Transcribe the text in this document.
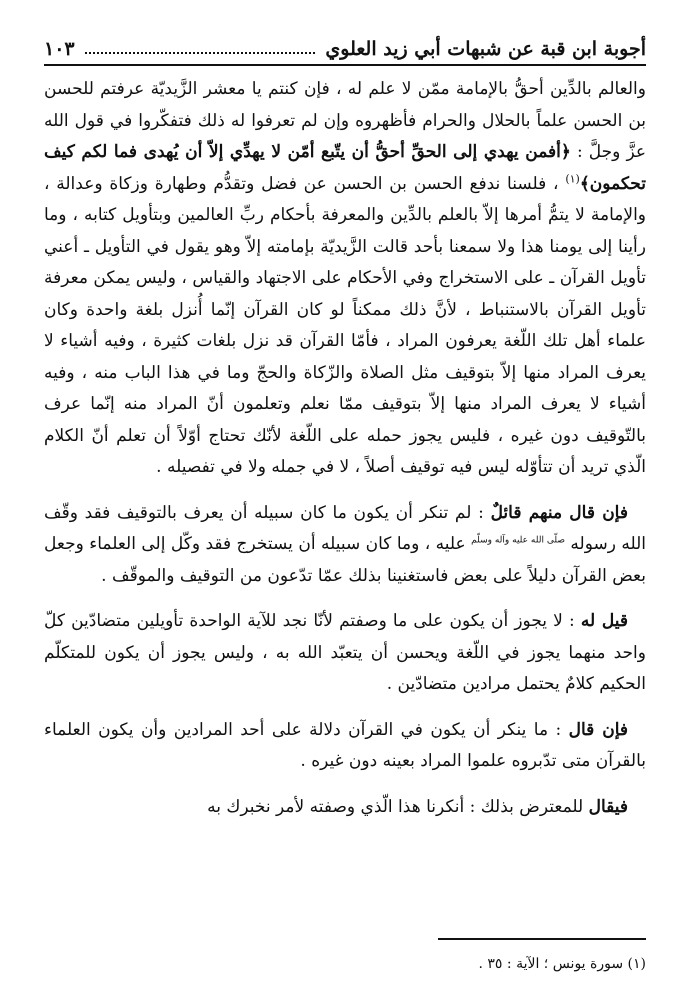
أجوبة ابن قبة عن شبهات أبي زيد العلوي
١٠٣

والعالم بالدِّين أحقُّ بالإمامة ممّن لا علم له ، فإن كنتم يا معشر الزَّيديّة عرفتم للحسن بن الحسن علماً بالحلال والحرام فأظهروه وإن لم تعرفوا له ذلك فتفكّروا في قول الله عزَّ وجلَّ : ﴿أفمن يهدي إلى الحقِّ أحقُّ أن يتّبع أمّن لا يهدِّي إلاّ أن يُهدى فما لكم كيف تحكمون﴾$^{(١)}$ ، فلسنا ندفع الحسن بن الحسن عن فضل وتقدُّم وطهارة وزكاة وعدالة ، والإمامة لا يتمُّ أمرها إلاّ بالعلم بالدِّين والمعرفة بأحكام ربِّ العالمين وبتأويل كتابه ، وما رأينا إلى يومنا هذا ولا سمعنا بأحد قالت الزَّيديّة بإمامته إلاّ وهو يقول في التأويل ـ أعني تأويل القرآن ـ على الاستخراج وفي الأحكام على الاجتهاد والقياس ، وليس يمكن معرفة تأويل القرآن بالاستنباط ، لأنَّ ذلك ممكناً لو كان القرآن إنّما أُنزل بلغة واحدة وكان علماء أهل تلك اللّغة يعرفون المراد ، فأمّا القرآن قد نزل بلغات كثيرة ، وفيه أشياء لا يعرف المراد منها إلاّ بتوقيف مثل الصلاة والزّكاة والحجّ وما في هذا الباب منه ، وفيه أشياء لا يعرف المراد منها إلاّ بتوقيف ممّا نعلم وتعلمون أنّ المراد منه إنّما عرف بالتّوقيف دون غيره ، فليس يجوز حمله على اللّغة لأنّك تحتاج أوّلاً أن تعلم أنّ الكلام الّذي تريد أن تتأوّله ليس فيه توقيف أصلاً ، لا في جمله ولا في تفصيله .

فإن قال منهم قائلٌ : لم تنكر أن يكون ما كان سبيله أن يعرف بالتوقيف فقد وقّف الله رسوله $^{صلّى الله عليه وآله وسلّم}$ عليه ، وما كان سبيله أن يستخرج فقد وكّل إلى العلماء وجعل بعض القرآن دليلاً على بعض فاستغنينا بذلك عمّا تدّعون من التوقيف والموقّف .

قيل له : لا يجوز أن يكون على ما وصفتم لأنّا نجد للآية الواحدة تأويلين متضادّين كلّ واحد منهما يجوز في اللّغة ويحسن أن يتعبّد الله به ، وليس يجوز أن يكون للمتكلّم الحكيم كلامٌ يحتمل مرادين متضادّين .

فإن قال : ما ينكر أن يكون في القرآن دلالة على أحد المرادين وأن يكون العلماء بالقرآن متى تدّبروه علموا المراد بعينه دون غيره .

فيقال للمعترض بذلك : أنكرنا هذا الّذي وصفته لأمر نخبرك به

(١) سورة يونس ؛ الآية : ٣٥ .
